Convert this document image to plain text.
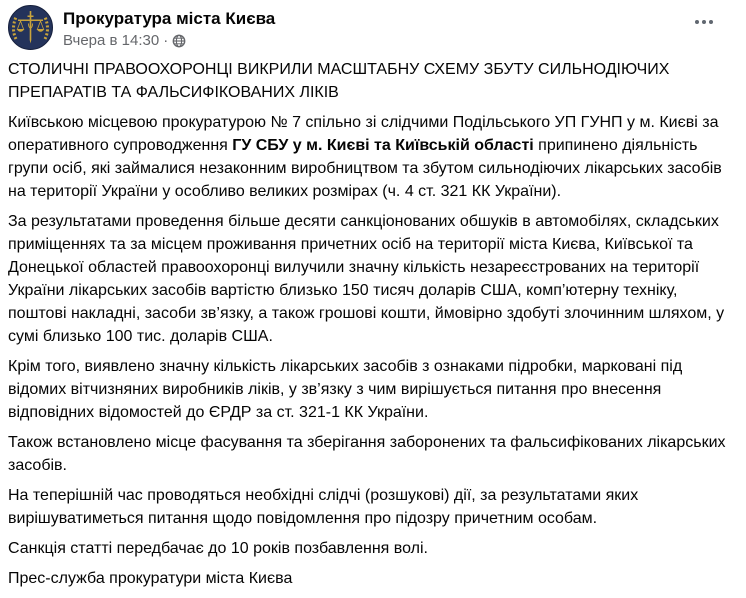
Прокуратура міста Києва
Вчера в 14:30 ·

СТОЛИЧНІ ПРАВООХОРОНЦІ ВИКРИЛИ МАСШТАБНУ СХЕМУ ЗБУТУ СИЛЬНОДІЮЧИХ ПРЕПАРАТІВ ТА ФАЛЬСИФІКОВАНИХ ЛІКІВ

Київською місцевою прокуратурою № 7 спільно зі слідчими Подільського УП ГУНП у м. Києві за оперативного супроводження ГУ СБУ у м. Києві та Київській області припинено діяльність групи осіб, які займалися незаконним виробництвом та збутом сильнодіючих лікарських засобів на території України у особливо великих розмірах (ч. 4 ст. 321 КК України).

За результатами проведення більше десяти санкціонованих обшуків в автомобілях, складських приміщеннях та за місцем проживання причетних осіб на території міста Києва, Київської та Донецької областей правоохоронці вилучили значну кількість незареєстрованих на території України лікарських засобів вартістю близько 150 тисяч доларів США, комп’ютерну техніку, поштові накладні, засоби зв’язку, а також грошові кошти, ймовірно здобуті злочинним шляхом, у сумі близько 100 тис. доларів США.

Крім того, виявлено значну кількість лікарських засобів з ознаками підробки, марковані під відомих вітчизняних виробників ліків, у зв’язку з чим вирішується питання про внесення відповідних відомостей до ЄРДР за ст. 321-1 КК України.

Також встановлено місце фасування та зберігання заборонених та фальсифікованих лікарських засобів.

На теперішній час проводяться необхідні слідчі (розшукові) дії, за результатами яких вирішуватиметься питання щодо повідомлення про підозру причетним особам.

Санкція статті передбачає до 10 років позбавлення волі.

Прес-служба прокуратури міста Києва
